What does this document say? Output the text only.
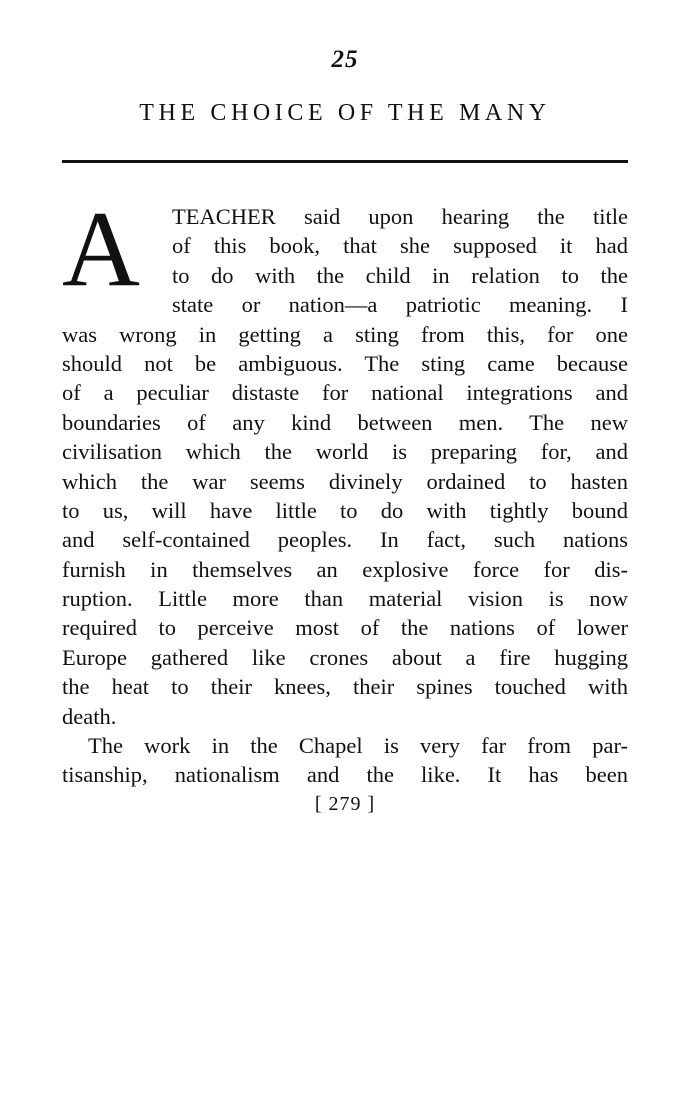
25
THE CHOICE OF THE MANY
A	TEACHER said upon hearing the title
of this book, that she supposed it had
to do with the child in relation to the
state or nation—a patriotic meaning. I
was wrong in getting a sting from this, for one
should not be ambiguous. The sting came because
of a peculiar distaste for national integrations and
boundaries of any kind between men. The new
civilisation which the world is preparing for, and
which the war seems divinely ordained to hasten
to us, will have little to do with tightly bound
and self-contained peoples. In fact, such nations
furnish in themselves an explosive force for dis-
ruption. Little more than material vision is now
required to perceive most of the nations of lower
Europe gathered like crones about a fire hugging
the heat to their knees, their spines touched with
death.
The work in the Chapel is very far from par-
tisanship, nationalism and the like. It has been
[ 279 ]
